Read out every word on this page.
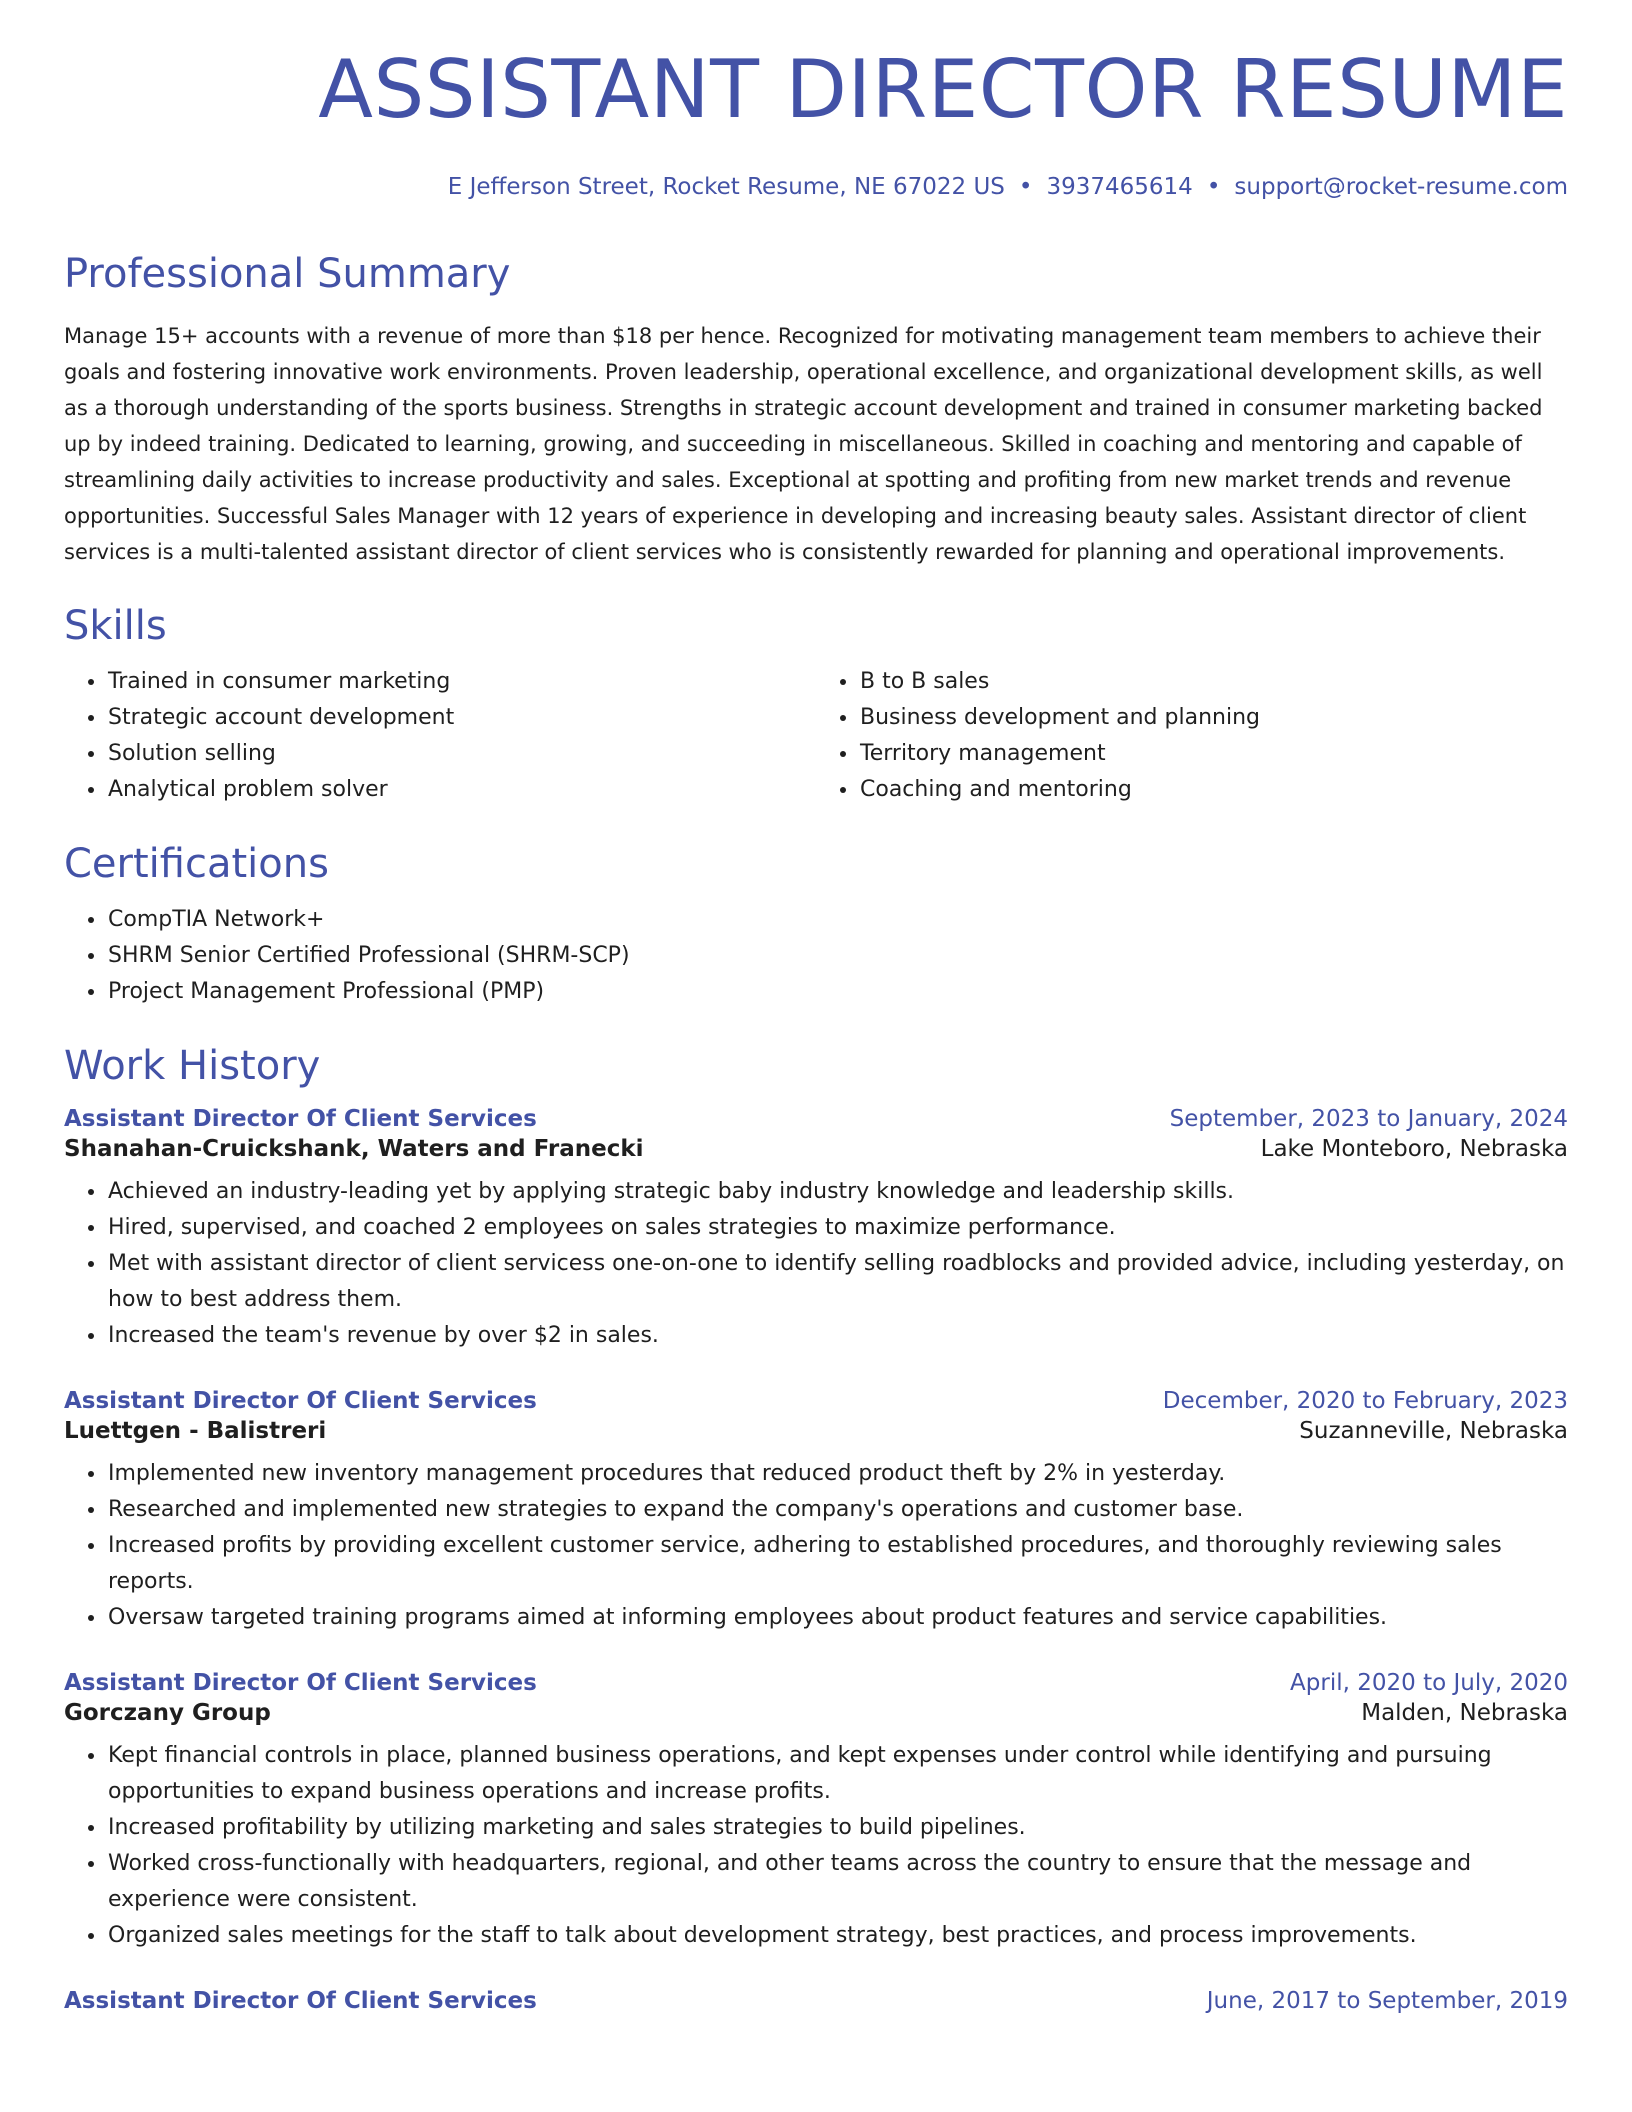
ASSISTANT DIRECTOR RESUME
E Jefferson Street, Rocket Resume, NE 67022 US • 3937465614 • support@rocket-resume.com
Professional Summary

Manage 15+ accounts with a revenue of more than $18 per hence. Recognized for motivating management team members to achieve their goals and fostering innovative work environments. Proven leadership, operational excellence, and organizational development skills, as well as a thorough understanding of the sports business. Strengths in strategic account development and trained in consumer marketing backed up by indeed training. Dedicated to learning, growing, and succeeding in miscellaneous. Skilled in coaching and mentoring and capable of streamlining daily activities to increase productivity and sales. Exceptional at spotting and profiting from new market trends and revenue opportunities. Successful Sales Manager with 12 years of experience in developing and increasing beauty sales. Assistant director of client services is a multi-talented assistant director of client services who is consistently rewarded for planning and operational improvements.

Skills
• Trained in consumer marketing
• Strategic account development
• Solution selling
• Analytical problem solver
• B to B sales
• Business development and planning
• Territory management
• Coaching and mentoring
Certifications
• CompTIA Network+
• SHRM Senior Certified Professional (SHRM-SCP)
• Project Management Professional (PMP)
Work History
Assistant Director Of Client Services	September, 2023 to January, 2024
Shanahan-Cruickshank, Waters and Franecki	Lake Monteboro, Nebraska
• Achieved an industry-leading yet by applying strategic baby industry knowledge and leadership skills.
• Hired, supervised, and coached 2 employees on sales strategies to maximize performance.
• Met with assistant director of client servicess one-on-one to identify selling roadblocks and provided advice, including yesterday, on how to best address them.
• Increased the team's revenue by over $2 in sales.
Assistant Director Of Client Services	December, 2020 to February, 2023
Luettgen - Balistreri	Suzanneville, Nebraska
• Implemented new inventory management procedures that reduced product theft by 2% in yesterday.
• Researched and implemented new strategies to expand the company's operations and customer base.
• Increased profits by providing excellent customer service, adhering to established procedures, and thoroughly reviewing sales reports.
• Oversaw targeted training programs aimed at informing employees about product features and service capabilities.
Assistant Director Of Client Services	April, 2020 to July, 2020
Gorczany Group	Malden, Nebraska
• Kept financial controls in place, planned business operations, and kept expenses under control while identifying and pursuing opportunities to expand business operations and increase profits.
• Increased profitability by utilizing marketing and sales strategies to build pipelines.
• Worked cross-functionally with headquarters, regional, and other teams across the country to ensure that the message and experience were consistent.
• Organized sales meetings for the staff to talk about development strategy, best practices, and process improvements.
Assistant Director Of Client Services	June, 2017 to September, 2019
